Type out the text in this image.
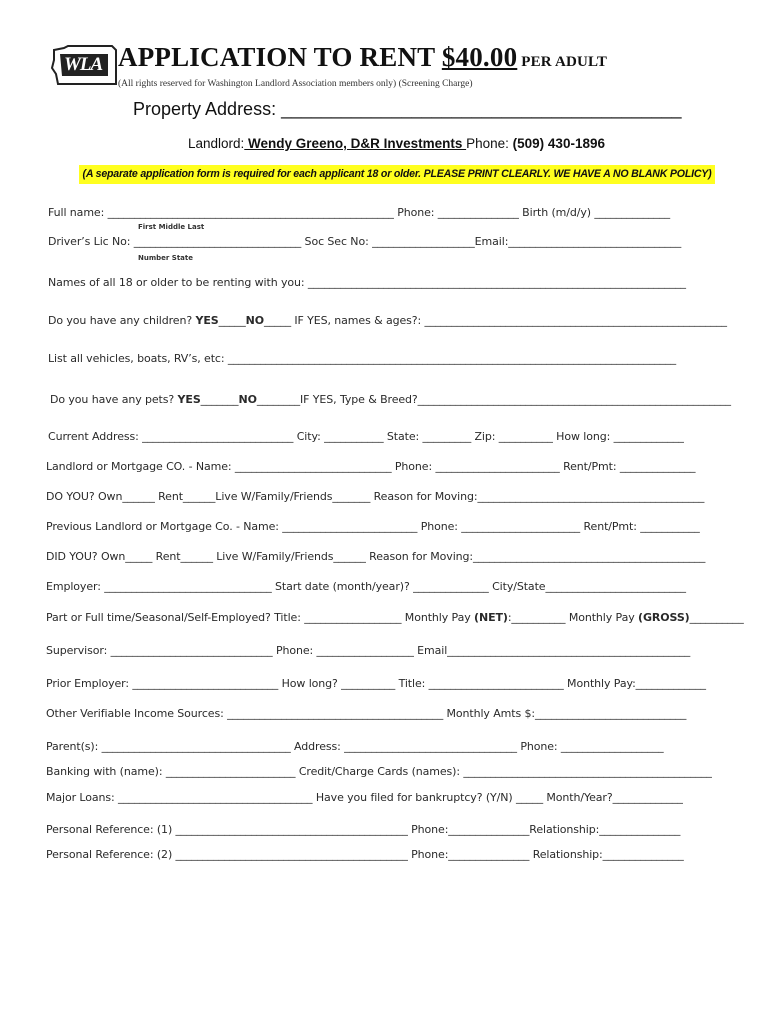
WLA APPLICATION TO RENT $40.00 PER ADULT
(All rights reserved for Washington Landlord Association members only) (Screening Charge)
Property Address: ________________________________________
Landlord: Wendy Greeno, D&R Investments Phone: (509) 430-1896
(A separate application form is required for each applicant 18 or older. PLEASE PRINT CLEARLY. WE HAVE A NO BLANK POLICY)
Full name: _____________________________________________________ Phone: _______________ Birth (m/d/y) ______________
First Middle Last
Driver’s Lic No: _______________________________ Soc Sec No: ___________________Email:________________________________
Number State
Names of all 18 or older to be renting with you: ______________________________________________________________________
Do you have any children? YES_____NO_____ IF YES, names & ages?: ________________________________________________________
List all vehicles, boats, RV’s, etc: ___________________________________________________________________________________
Do you have any pets? YES_______NO________IF YES, Type & Breed?__________________________________________________________
Current Address: ____________________________ City: ___________ State: _________ Zip: __________ How long: _____________
Landlord or Mortgage CO. - Name: _____________________________ Phone: _______________________ Rent/Pmt: ______________
DO YOU? Own______ Rent______Live W/Family/Friends_______ Reason for Moving:__________________________________________
Previous Landlord or Mortgage Co. - Name: _________________________ Phone: ______________________ Rent/Pmt: ___________
DID YOU? Own_____ Rent______ Live W/Family/Friends______ Reason for Moving:___________________________________________
Employer: _______________________________ Start date (month/year)? ______________ City/State__________________________
Part or Full time/Seasonal/Self-Employed? Title: __________________ Monthly Pay (NET):__________ Monthly Pay (GROSS)__________
Supervisor: ______________________________ Phone: __________________ Email_____________________________________________
Prior Employer: ___________________________ How long? __________ Title: _________________________ Monthly Pay:_____________
Other Verifiable Income Sources: ________________________________________ Monthly Amts $:____________________________
Parent(s): ___________________________________ Address: ________________________________ Phone: ___________________
Banking with (name): ________________________ Credit/Charge Cards (names): ______________________________________________
Major Loans: ____________________________________ Have you filed for bankruptcy? (Y/N) _____ Month/Year?_____________
Personal Reference: (1) ___________________________________________ Phone:_______________Relationship:_______________
Personal Reference: (2) ___________________________________________ Phone:_______________ Relationship:_______________
